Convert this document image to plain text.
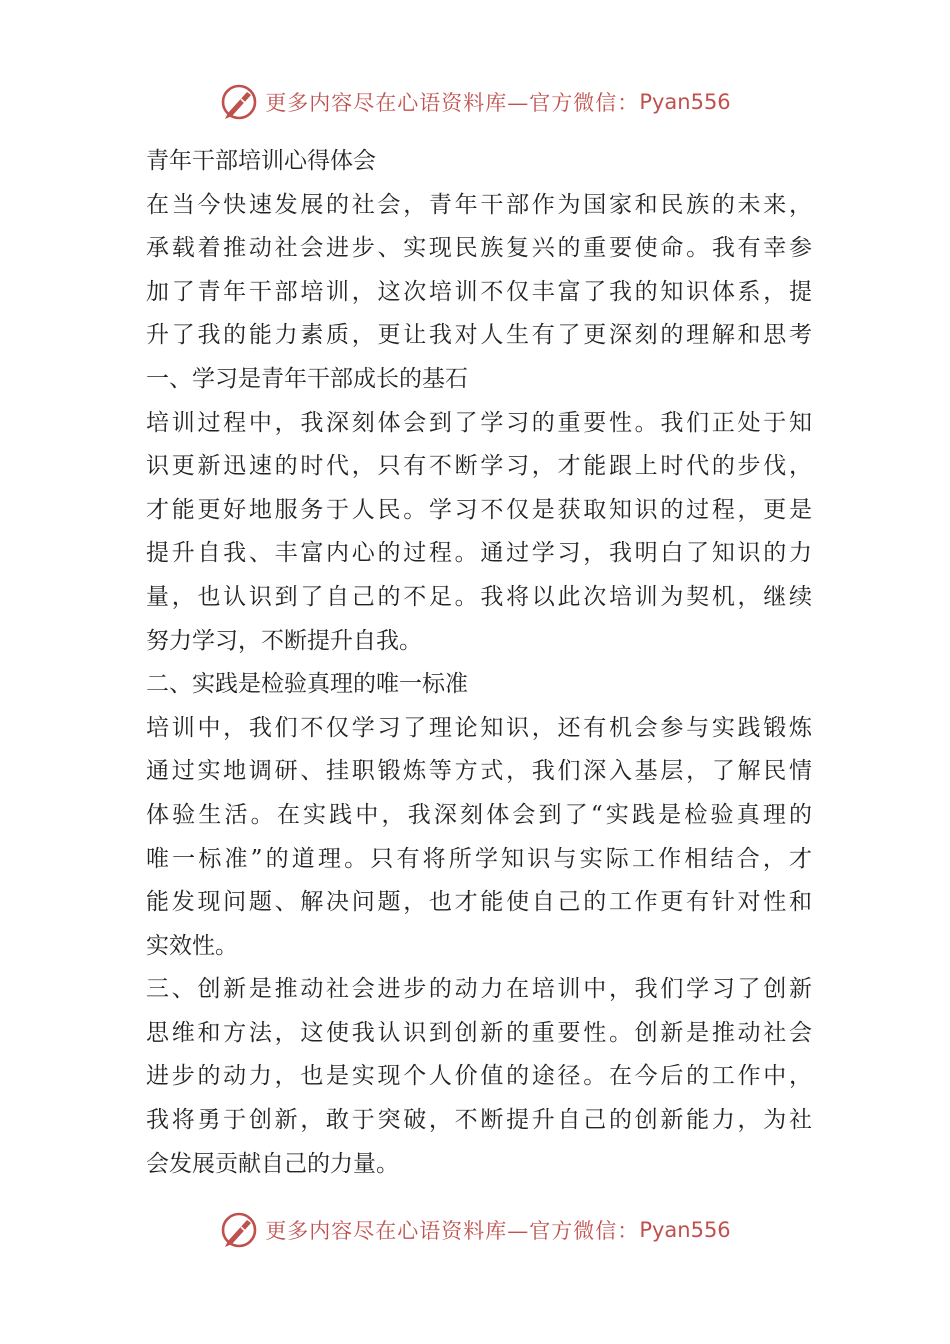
更多内容尽在心语资料库—官方微信： Pyan556
青年干部培训心得体会
在当今快速发展的社会，青年干部作为国家和民族的未来，
承载着推动社会进步、实现民族复兴的重要使命。我有幸参
加了青年干部培训，这次培训不仅丰富了我的知识体系，提
升了我的能力素质，更让我对人生有了更深刻的理解和思考
一、学习是青年干部成长的基石
培训过程中，我深刻体会到了学习的重要性。我们正处于知
识更新迅速的时代，只有不断学习，才能跟上时代的步伐，
才能更好地服务于人民。学习不仅是获取知识的过程，更是
提升自我、丰富内心的过程。通过学习，我明白了知识的力
量，也认识到了自己的不足。我将以此次培训为契机，继续
努力学习，不断提升自我。
二、实践是检验真理的唯一标准
培训中，我们不仅学习了理论知识，还有机会参与实践锻炼
通过实地调研、挂职锻炼等方式，我们深入基层，了解民情
体验生活。在实践中，我深刻体会到了“实践是检验真理的
唯一标准”的道理。只有将所学知识与实际工作相结合，才
能发现问题、解决问题，也才能使自己的工作更有针对性和
实效性。
三、创新是推动社会进步的动力在培训中，我们学习了创新
思维和方法，这使我认识到创新的重要性。创新是推动社会
进步的动力，也是实现个人价值的途径。在今后的工作中，
我将勇于创新，敢于突破，不断提升自己的创新能力，为社
会发展贡献自己的力量。
更多内容尽在心语资料库—官方微信： Pyan556
